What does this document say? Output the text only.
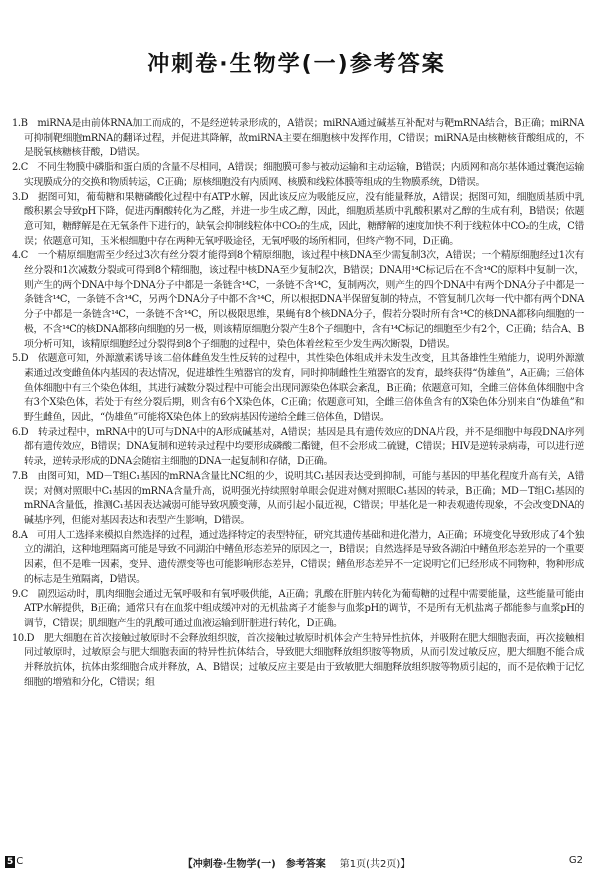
冲刺卷·生物学(一)参考答案

1.B　miRNA是由前体RNA加工而成的，不是经逆转录形成的，A错误；miRNA通过碱基互补配对与靶mRNA结合，B正确；miRNA可抑制靶细胞mRNA的翻译过程，并促进其降解，故miRNA主要在细胞核中发挥作用，C错误；miRNA是由核糖核苷酸组成的，不是脱氧核糖核苷酸，D错误。

2.C　不同生物膜中磷脂和蛋白质的含量不尽相同，A错误；细胞膜可参与被动运输和主动运输，B错误；内质网和高尔基体通过囊泡运输实现膜成分的交换和物质转运，C正确；原核细胞没有内质网、核膜和线粒体膜等组成的生物膜系统，D错误。

3.D　据图可知，葡萄糖和果糖磷酸化过程中有ATP水解，因此该反应为吸能反应，没有能量释放，A错误；据图可知，细胞质基质中乳酸积累会导致pH下降，促进丙酮酸转化为乙醛，并进一步生成乙醇，因此，细胞质基质中乳酸积累对乙醇的生成有利，B错误；依题意可知，糖酵解是在无氧条件下进行的，缺氧会抑制线粒体中CO₂的生成，因此，糖酵解的速度加快不利于线粒体中CO₂的生成，C错误；依题意可知，玉米根细胞中存在两种无氧呼吸途径，无氧呼吸的场所相同，但终产物不同，D正确。

4.C　一个精原细胞需至少经过3次有丝分裂才能得到8个精原细胞，该过程中核DNA至少需复制3次，A错误；一个精原细胞经过1次有丝分裂和1次减数分裂或可得到8个精细胞，该过程中核DNA至少复制2次，B错误；DNA用¹⁴C标记后在不含¹⁴C的原料中复制一次，则产生的两个DNA中每个DNA分子中都是一条链含¹⁴C，一条链不含¹⁴C，复制两次，则产生的四个DNA中有两个DNA分子中都是一条链含¹⁴C，一条链不含¹⁴C，另两个DNA分子中都不含¹⁴C，所以根据DNA半保留复制的特点，不管复制几次每一代中都有两个DNA分子中都是一条链含¹⁴C，一条链不含¹⁴C，所以极限思维，果蝇有8个核DNA分子，假若分裂时所有含¹⁴C的核DNA都移向细胞的一极，不含¹⁴C的核DNA都移向细胞的另一极，则该精原细胞分裂产生8个子细胞中，含有¹⁴C标记的细胞至少有2个，C正确；结合A、B项分析可知，该精原细胞经过分裂得到8个子细胞的过程中，染色体着丝粒至少发生两次断裂，D错误。

5.D　依题意可知，外源激素诱导该二倍体雌鱼发生性反转的过程中，其性染色体组成并未发生改变，且其备雄性生殖能力，说明外源激素通过改变雌鱼体内基因的表达情况，促进雄性生殖器官的发育，同时抑制雌性生殖器官的发育，最终获得“伪雄鱼”，A正确；三倍体鱼体细胞中有三个染色体组，其进行减数分裂过程中可能会出现同源染色体联会紊乱，B正确；依题意可知，全雌三倍体鱼体细胞中含有3个X染色体，若处于有丝分裂后期，则含有6个X染色体，C正确；依题意可知，全雌三倍体鱼含有的X染色体分别来自“伪雄鱼”和野生雌鱼，因此，“伪雄鱼”可能将X染色体上的致病基因传递给全雌三倍体鱼，D错误。

6.D　转录过程中，mRNA中的U可与DNA中的A形成碱基对，A错误；基因是具有遗传效应的DNA片段，并不是细胞中每段DNA序列都有遗传效应，B错误；DNA复制和逆转录过程中均要形成磷酸二酯键，但不会形成二硫键，C错误；HIV是逆转录病毒，可以进行逆转录，逆转录形成的DNA会随宿主细胞的DNA一起复制和存储，D正确。

7.B　由图可知，MD－T组C₁基因的mRNA含量比NC组的少，说明其C₁基因表达受到抑制，可能与基因的甲基化程度升高有关，A错误；对侧对照眼中C₁基因的mRNA含量升高，说明强光持续照射单眼会促进对侧对照眼C₁基因的转录，B正确；MD－T组C₁基因的mRNA含量低，推测C₁基因表达减弱可能导致巩膜变薄，从而引起小鼠近视，C错误；甲基化是一种表观遗传现象，不会改变DNA的碱基序列，但能对基因表达和表型产生影响，D错误。

8.A　可用人工选择来模拟自然选择的过程，通过选择特定的表型特征，研究其遗传基础和进化潜力，A正确；环境变化导致形成了4个独立的湖泊，这种地理隔离可能是导致不同湖泊中鳍鱼形态差异的原因之一，B错误；自然选择是导致各湖泊中鳍鱼形态差异的一个重要因素，但不是唯一因素，变异、遗传漂变等也可能影响形态差异，C错误；鳍鱼形态差异不一定说明它们已经形成不同物种，物种形成的标志是生殖隔离，D错误。

9.C　剧烈运动时，肌肉细胞会通过无氧呼吸和有氧呼吸供能，A正确；乳酸在肝脏内转化为葡萄糖的过程中需要能量，这些能量可能由ATP水解提供，B正确；通常只有在血浆中组成缓冲对的无机盐离子才能参与血浆pH的调节，不是所有无机盐离子都能参与血浆pH的调节，C错误；肌细胞产生的乳酸可通过血液运输到肝脏进行转化，D正确。

10.D　肥大细胞在首次接触过敏原时不会释放组织胺，首次接触过敏原时机体会产生特异性抗体，并吸附在肥大细胞表面，再次接触相同过敏原时，过敏原会与肥大细胞表面的特异性抗体结合，导致肥大细胞释放组织胺等物质，从而引发过敏反应，肥大细胞不能合成并释放抗体，抗体由浆细胞合成并释放，A、B错误；过敏反应主要是由于致敏肥大细胞释放组织胺等物质引起的，而不是依赖于记忆细胞的增殖和分化，C错误；组

5 C	【冲刺卷·生物学(一)　参考答案 第1页(共2页)】	G2
